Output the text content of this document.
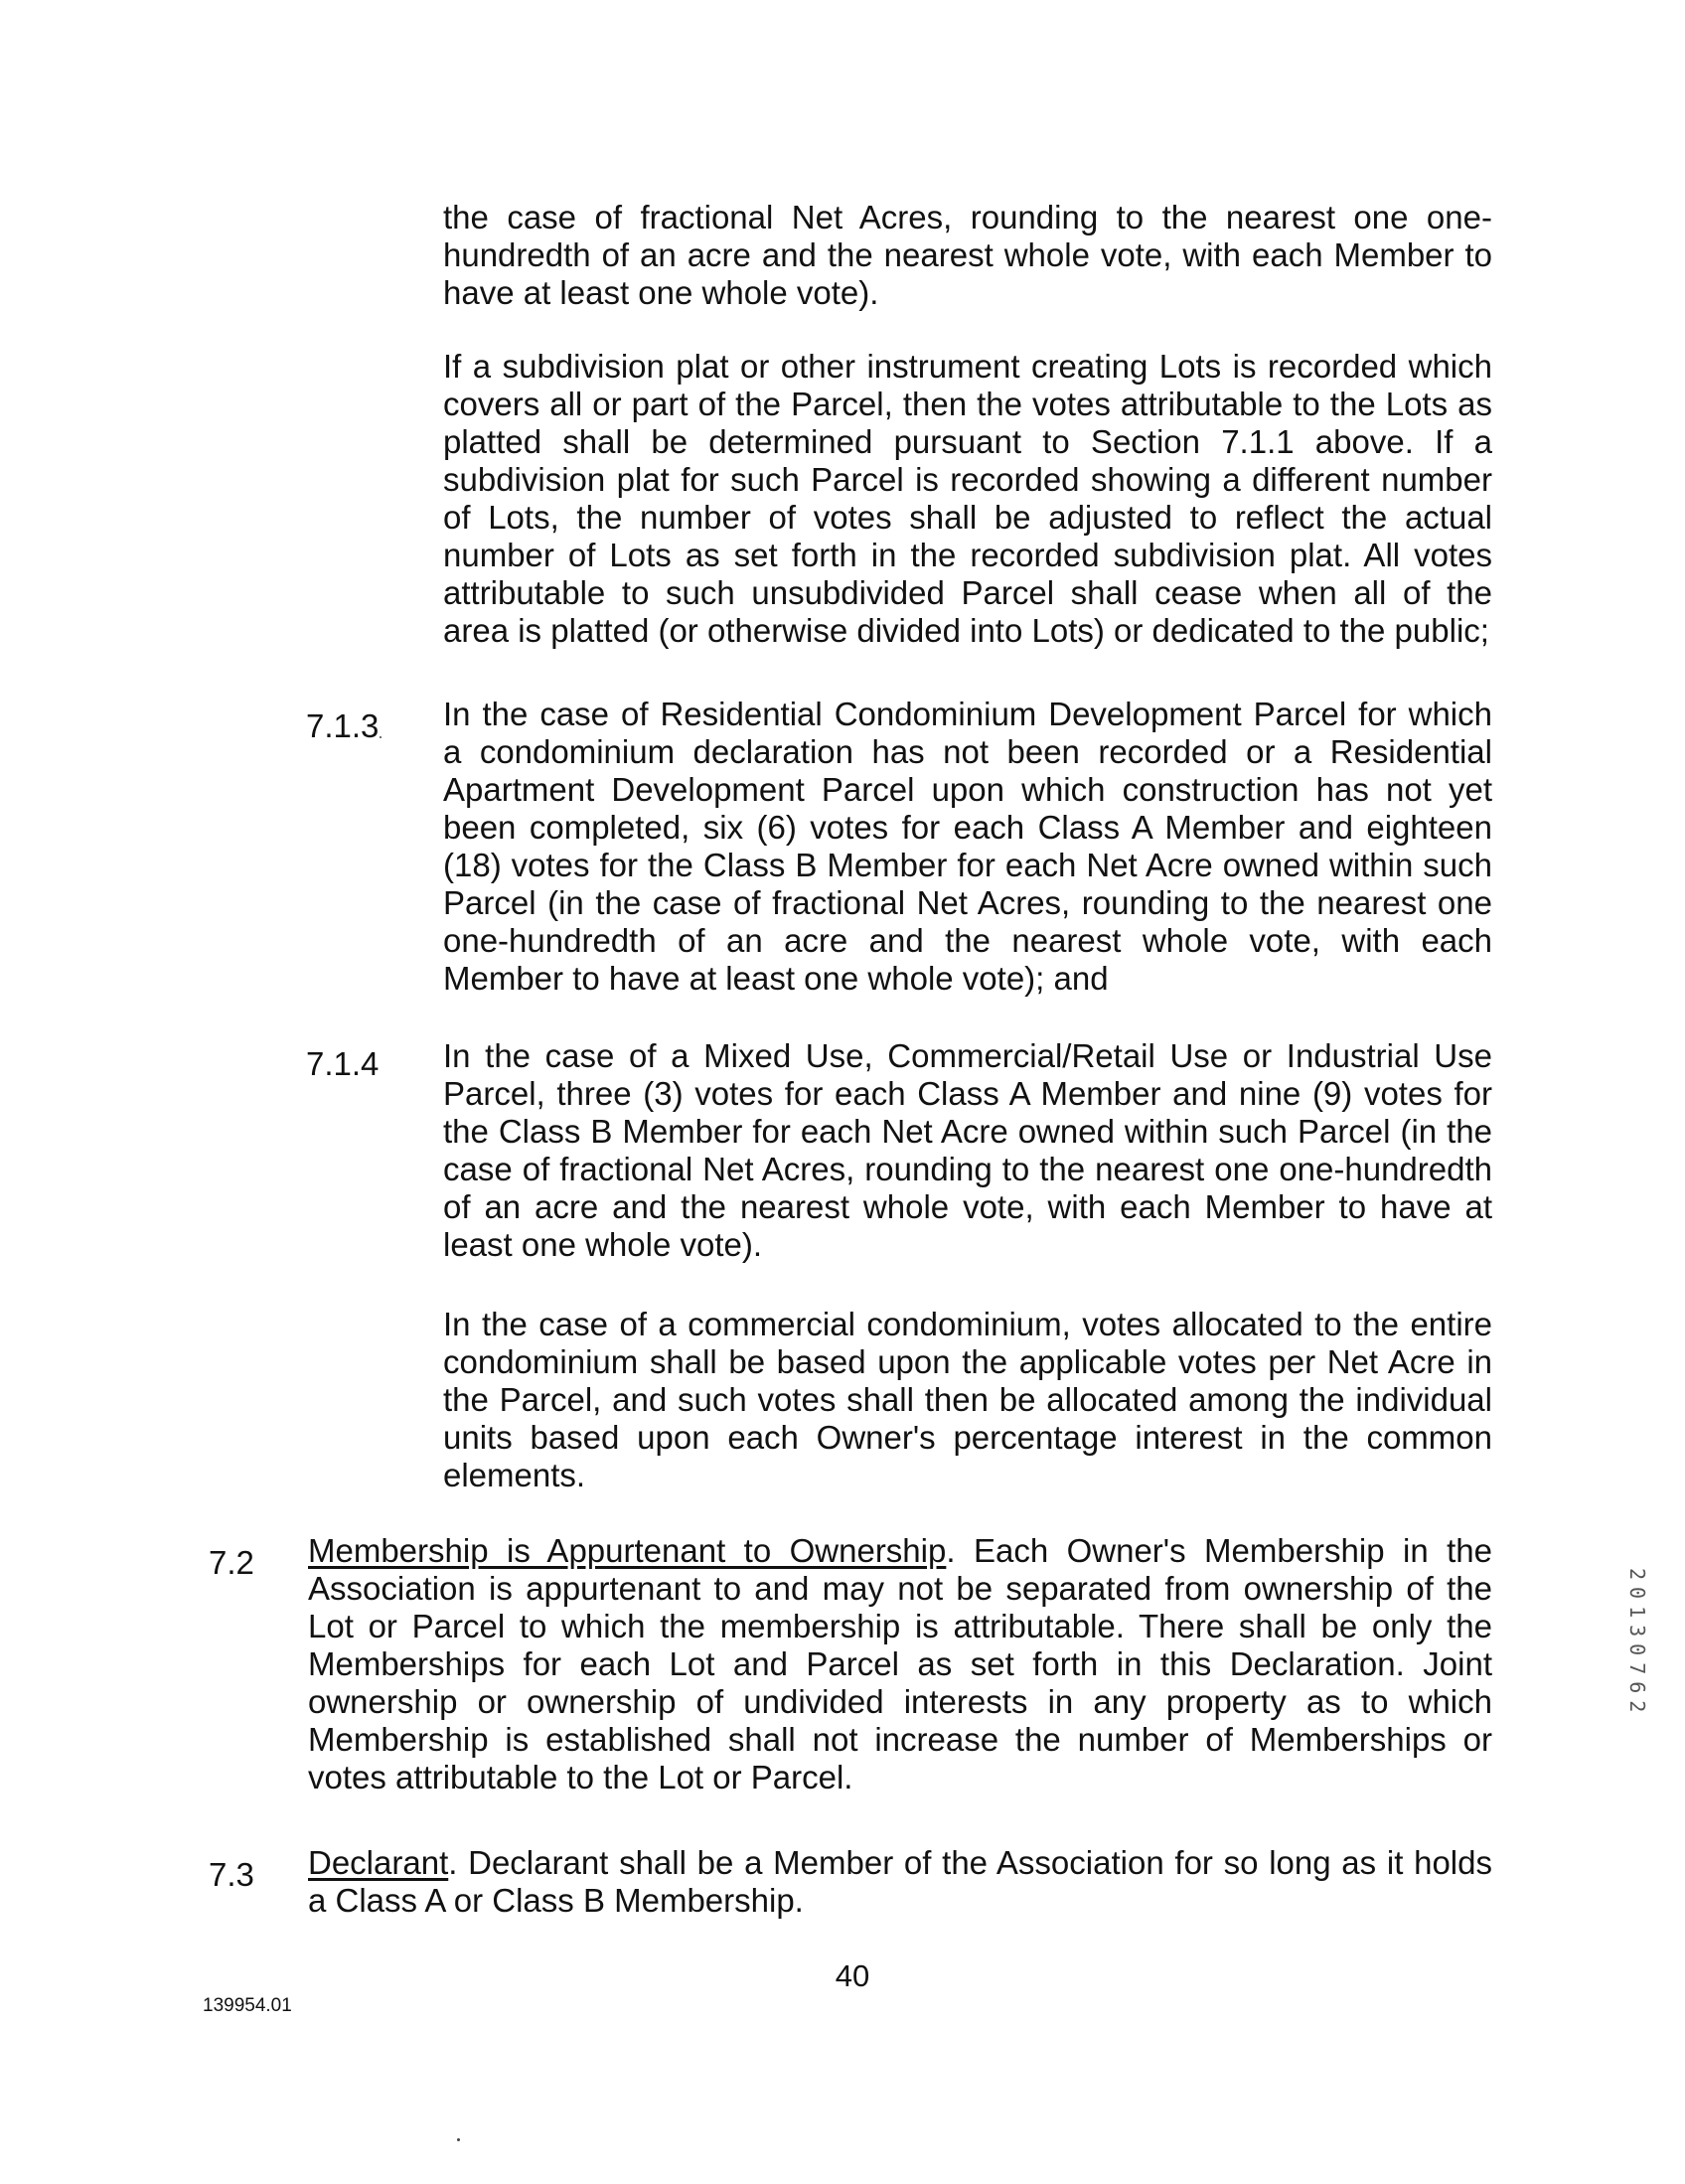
the case of fractional Net Acres, rounding to the nearest one one-hundredth of an acre and the nearest whole vote, with each Member to have at least one whole vote).

If a subdivision plat or other instrument creating Lots is recorded which covers all or part of the Parcel, then the votes attributable to the Lots as platted shall be determined pursuant to Section 7.1.1 above. If a subdivision plat for such Parcel is recorded showing a different number of Lots, the number of votes shall be adjusted to reflect the actual number of Lots as set forth in the recorded subdivision plat. All votes attributable to such unsubdivided Parcel shall cease when all of the area is platted (or otherwise divided into Lots) or dedicated to the public;

7.1.3 In the case of Residential Condominium Development Parcel for which a condominium declaration has not been recorded or a Residential Apartment Development Parcel upon which construction has not yet been completed, six (6) votes for each Class A Member and eighteen (18) votes for the Class B Member for each Net Acre owned within such Parcel (in the case of fractional Net Acres, rounding to the nearest one one-hundredth of an acre and the nearest whole vote, with each Member to have at least one whole vote); and

7.1.4 In the case of a Mixed Use, Commercial/Retail Use or Industrial Use Parcel, three (3) votes for each Class A Member and nine (9) votes for the Class B Member for each Net Acre owned within such Parcel (in the case of fractional Net Acres, rounding to the nearest one one-hundredth of an acre and the nearest whole vote, with each Member to have at least one whole vote).

In the case of a commercial condominium, votes allocated to the entire condominium shall be based upon the applicable votes per Net Acre in the Parcel, and such votes shall then be allocated among the individual units based upon each Owner's percentage interest in the common elements.

7.2 Membership is Appurtenant to Ownership. Each Owner's Membership in the Association is appurtenant to and may not be separated from ownership of the Lot or Parcel to which the membership is attributable. There shall be only the Memberships for each Lot and Parcel as set forth in this Declaration. Joint ownership or ownership of undivided interests in any property as to which Membership is established shall not increase the number of Memberships or votes attributable to the Lot or Parcel.

7.3 Declarant. Declarant shall be a Member of the Association for so long as it holds a Class A or Class B Membership.

139954.01
40
20130762
